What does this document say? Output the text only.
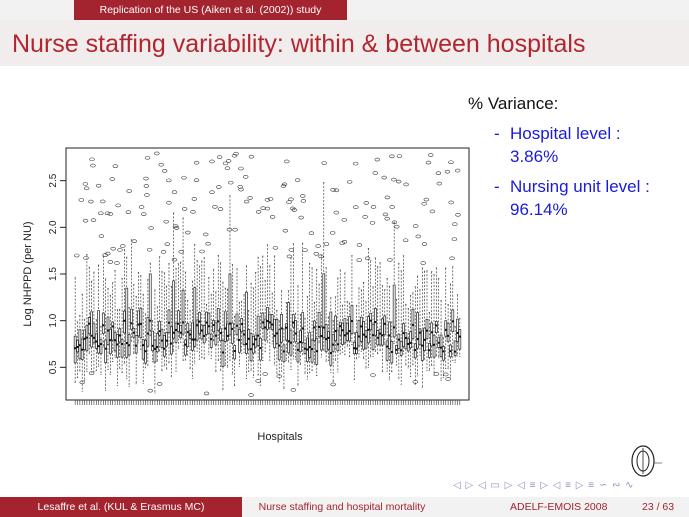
Replication of the US (Aiken et al. (2002)) study
Nurse staffing variability: within & between hospitals
0.5
1.0
1.5
2.0
2.5
Log NHPPD (per NU)
Hospitals
% Variance:
- Hospital level :
3.86%
- Nursing unit level :
96.14%
◁ ▷ ◁ ▭ ▷ ◁ ≡ ▷ ◁ ≡ ▷ ≡ ∽ ∾ ∿
Lesaffre et al. (KUL & Erasmus MC)	Nurse staffing and hospital mortality	ADELF-EMOIS 2008	23 / 63
